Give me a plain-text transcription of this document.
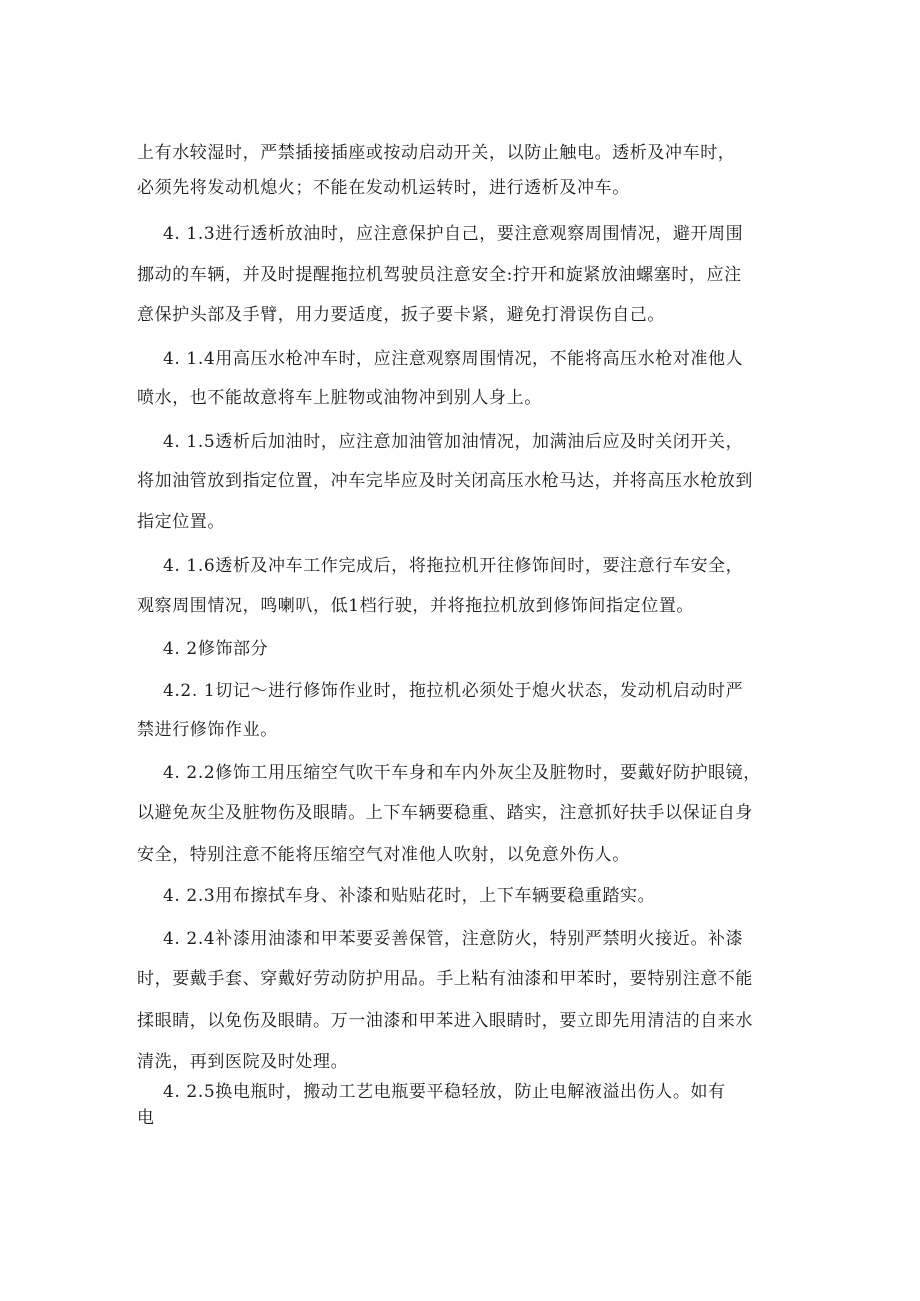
上有水较湿时，严禁插接插座或按动启动开关，以防止触电。透析及冲车时，

必须先将发动机熄火；不能在发动机运转时，进行透析及冲车。

4. 1.3进行透析放油时，应注意保护自己，要注意观察周围情况，避开周围

挪动的车辆，并及时提醒拖拉机驾驶员注意安全:拧开和旋紧放油螺塞时，应注

意保护头部及手臂，用力要适度，扳子要卡紧，避免打滑误伤自己。

4. 1.4用高压水枪冲车时，应注意观察周围情况，不能将高压水枪对准他人

喷水，也不能故意将车上脏物或油物冲到别人身上。

4. 1.5透析后加油时，应注意加油管加油情况，加满油后应及时关闭开关，

将加油管放到指定位置，冲车完毕应及时关闭高压水枪马达，并将高压水枪放到

指定位置。

4. 1.6透析及冲车工作完成后，将拖拉机开往修饰间时，要注意行车安全，

观察周围情况，鸣喇叭，低1档行驶，并将拖拉机放到修饰间指定位置。

4. 2修饰部分

4.2. 1切记～进行修饰作业时，拖拉机必须处于熄火状态，发动机启动时严

禁进行修饰作业。

4. 2.2修饰工用压缩空气吹干车身和车内外灰尘及脏物时，要戴好防护眼镜，

以避免灰尘及脏物伤及眼睛。上下车辆要稳重、踏实，注意抓好扶手以保证自身

安全，特别注意不能将压缩空气对准他人吹射，以免意外伤人。

4. 2.3用布擦拭车身、补漆和贴贴花时，上下车辆要稳重踏实。

4. 2.4补漆用油漆和甲苯要妥善保管，注意防火，特别严禁明火接近。补漆

时，要戴手套、穿戴好劳动防护用品。手上粘有油漆和甲苯时，要特别注意不能

揉眼睛，以免伤及眼睛。万一油漆和甲苯进入眼睛时，要立即先用清洁的自来水

清洗，再到医院及时处理。

4. 2.5换电瓶时，搬动工艺电瓶要平稳轻放，防止电解液溢出伤人。如有

电
